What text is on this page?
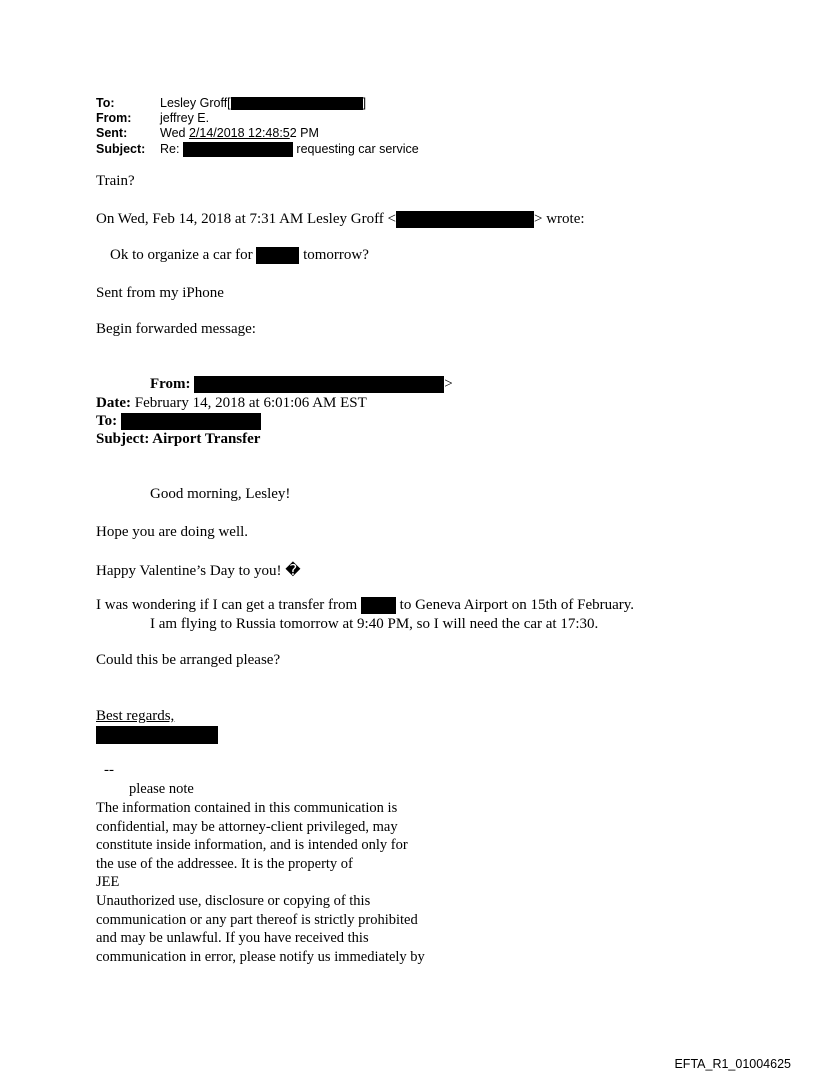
To:	Lesley Groff[	]
From: jeffrey E.
Sent:	Wed 2/14/2018 12:48:52 PM
Subject: Re:	requesting car service
Train?
On Wed, Feb 14, 2018 at 7:31 AM Lesley Groff <	> wrote:
Ok to organize a car for	tomorrow?
Sent from my iPhone
Begin forwarded message:
From:	>
Date: February 14, 2018 at 6:01:06 AM EST
To:
Subject: Airport Transfer
Good morning, Lesley!
Hope you are doing well.
Happy Valentine’s Day to you! �
I was wondering if I can get a transfer from	to Geneva Airport on 15th of February.
I am flying to Russia tomorrow at 9:40 PM, so I will need the car at 17:30.
Could this be arranged please?
Best regards,
--
please note
The information contained in this communication is
confidential, may be attorney-client privileged, may
constitute inside information, and is intended only for
the use of the addressee. It is the property of
JEE
Unauthorized use, disclosure or copying of this
communication or any part thereof is strictly prohibited
and may be unlawful. If you have received this
communication in error, please notify us immediately by
EFTA_R1_01004625
